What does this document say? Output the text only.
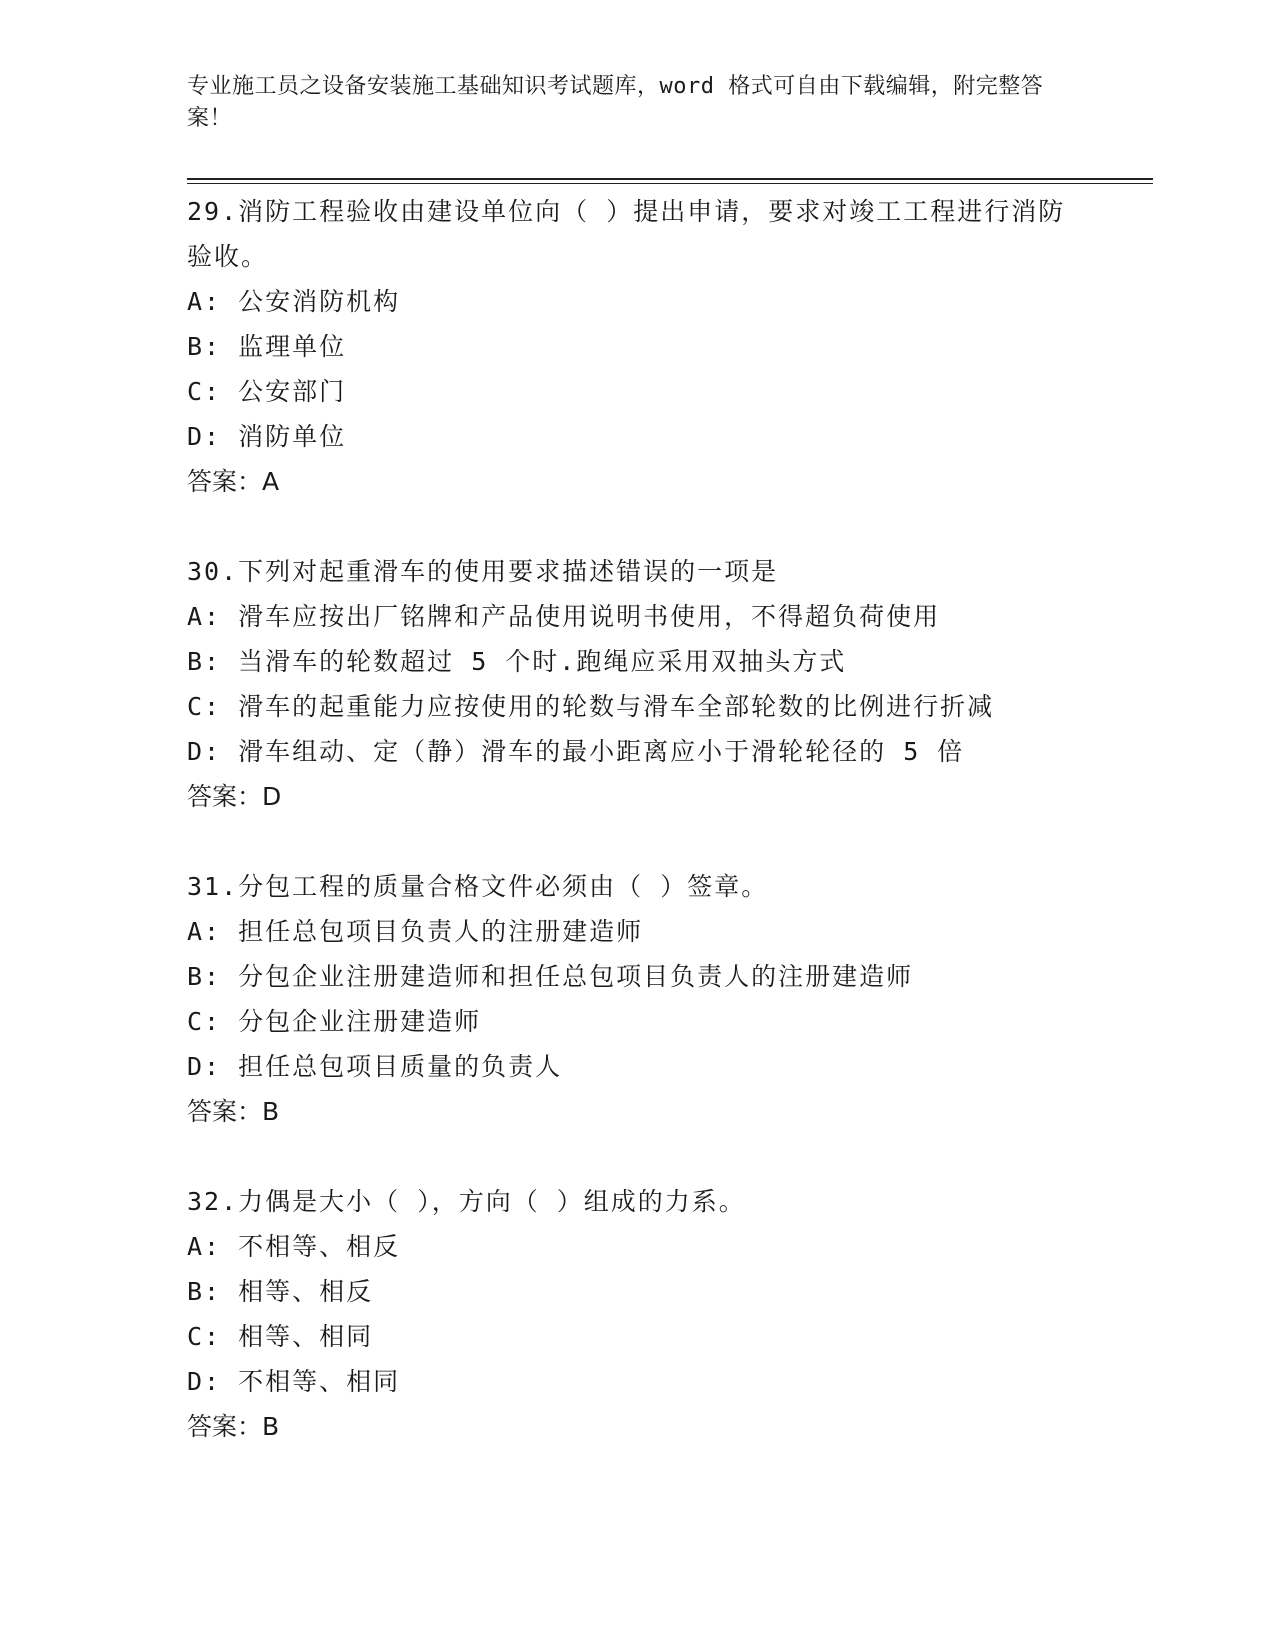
专业施工员之设备安装施工基础知识考试题库，word 格式可自由下载编辑，附完整答案！

29.消防工程验收由建设单位向（ ）提出申请，要求对竣工工程进行消防验收。

A: 公安消防机构

B: 监理单位

C: 公安部门

D: 消防单位

答案：A

30.下列对起重滑车的使用要求描述错误的一项是

A: 滑车应按出厂铭牌和产品使用说明书使用，不得超负荷使用

B: 当滑车的轮数超过 5 个时.跑绳应采用双抽头方式

C: 滑车的起重能力应按使用的轮数与滑车全部轮数的比例进行折减

D: 滑车组动、定（静）滑车的最小距离应小于滑轮轮径的 5 倍

答案：D

31.分包工程的质量合格文件必须由（ ）签章。

A: 担任总包项目负责人的注册建造师

B: 分包企业注册建造师和担任总包项目负责人的注册建造师

C: 分包企业注册建造师

D: 担任总包项目质量的负责人

答案：B

32.力偶是大小（ ），方向（ ）组成的力系。

A: 不相等、相反

B: 相等、相反

C: 相等、相同

D: 不相等、相同

答案：B
